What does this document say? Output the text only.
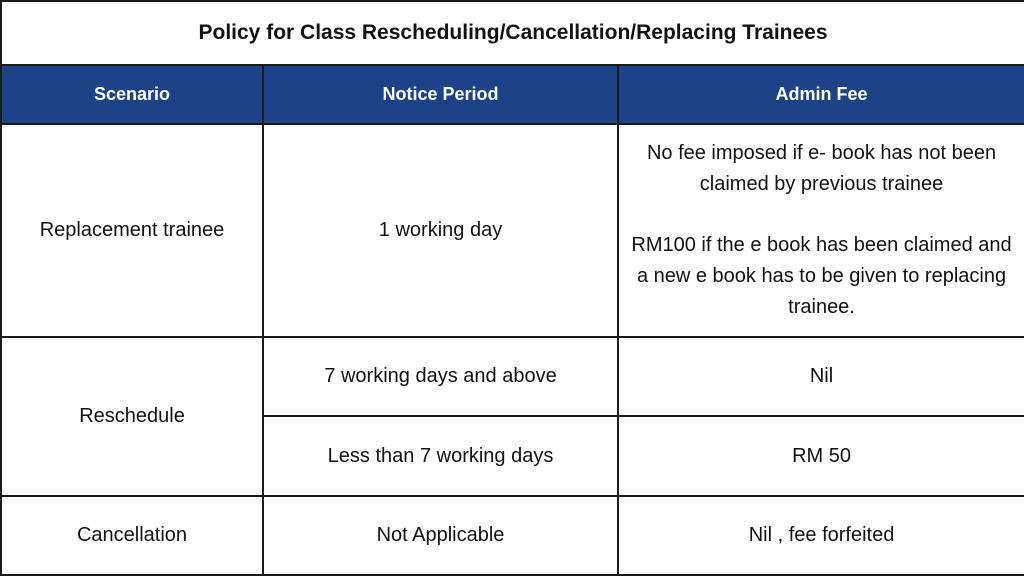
Policy for Class Rescheduling/Cancellation/Replacing Trainees		
Scenario	Notice Period	Admin Fee
Replacement trainee	1 working day	No fee imposed if e- book has not been claimed by previous trainee
RM100 if the e book has been claimed and a new e book has to be given to replacing trainee.

Reschedule	7 working days and above	Nil
	Less than 7 working days	RM 50
Cancellation	Not Applicable	Nil , fee forfeited
